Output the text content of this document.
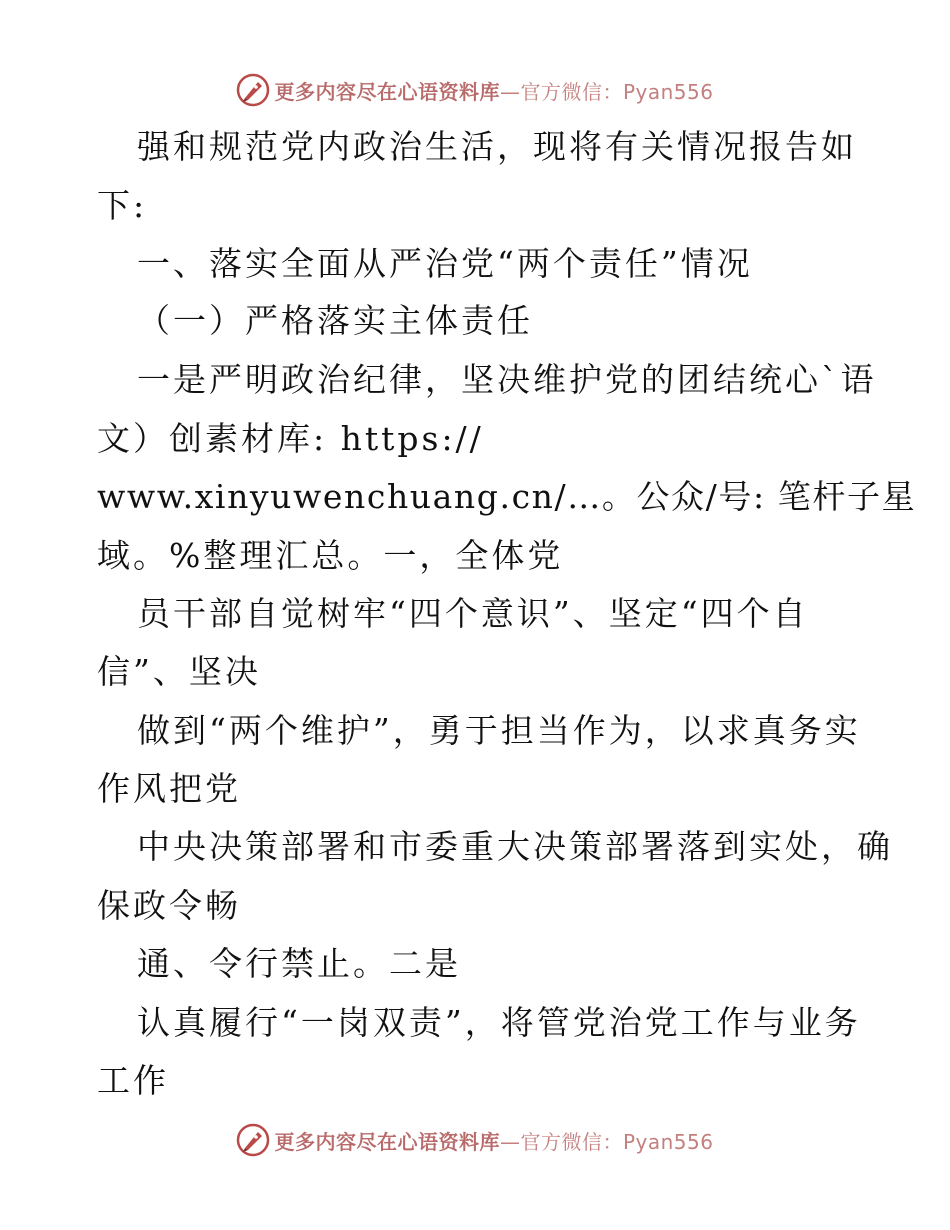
更多内容尽在心语资料库—官方微信：Pyan556
强和规范党内政治生活，现将有关情况报告如
下:
一、落实全面从严治党“两个责任”情况
（一）严格落实主体责任
一是严明政治纪律，坚决维护党的团结统心`语
文）创素材库: https://
www.xinyuwenchuang.cn/…。公众/号: 笔杆子星
域。%整理汇总。一，全体党
员干部自觉树牢“四个意识”、坚定“四个自
信”、坚决
做到“两个维护”，勇于担当作为，以求真务实
作风把党
中央决策部署和市委重大决策部署落到实处，确
保政令畅
通、令行禁止。二是
认真履行“一岗双责”，将管党治党工作与业务
工作
更多内容尽在心语资料库—官方微信：Pyan556
